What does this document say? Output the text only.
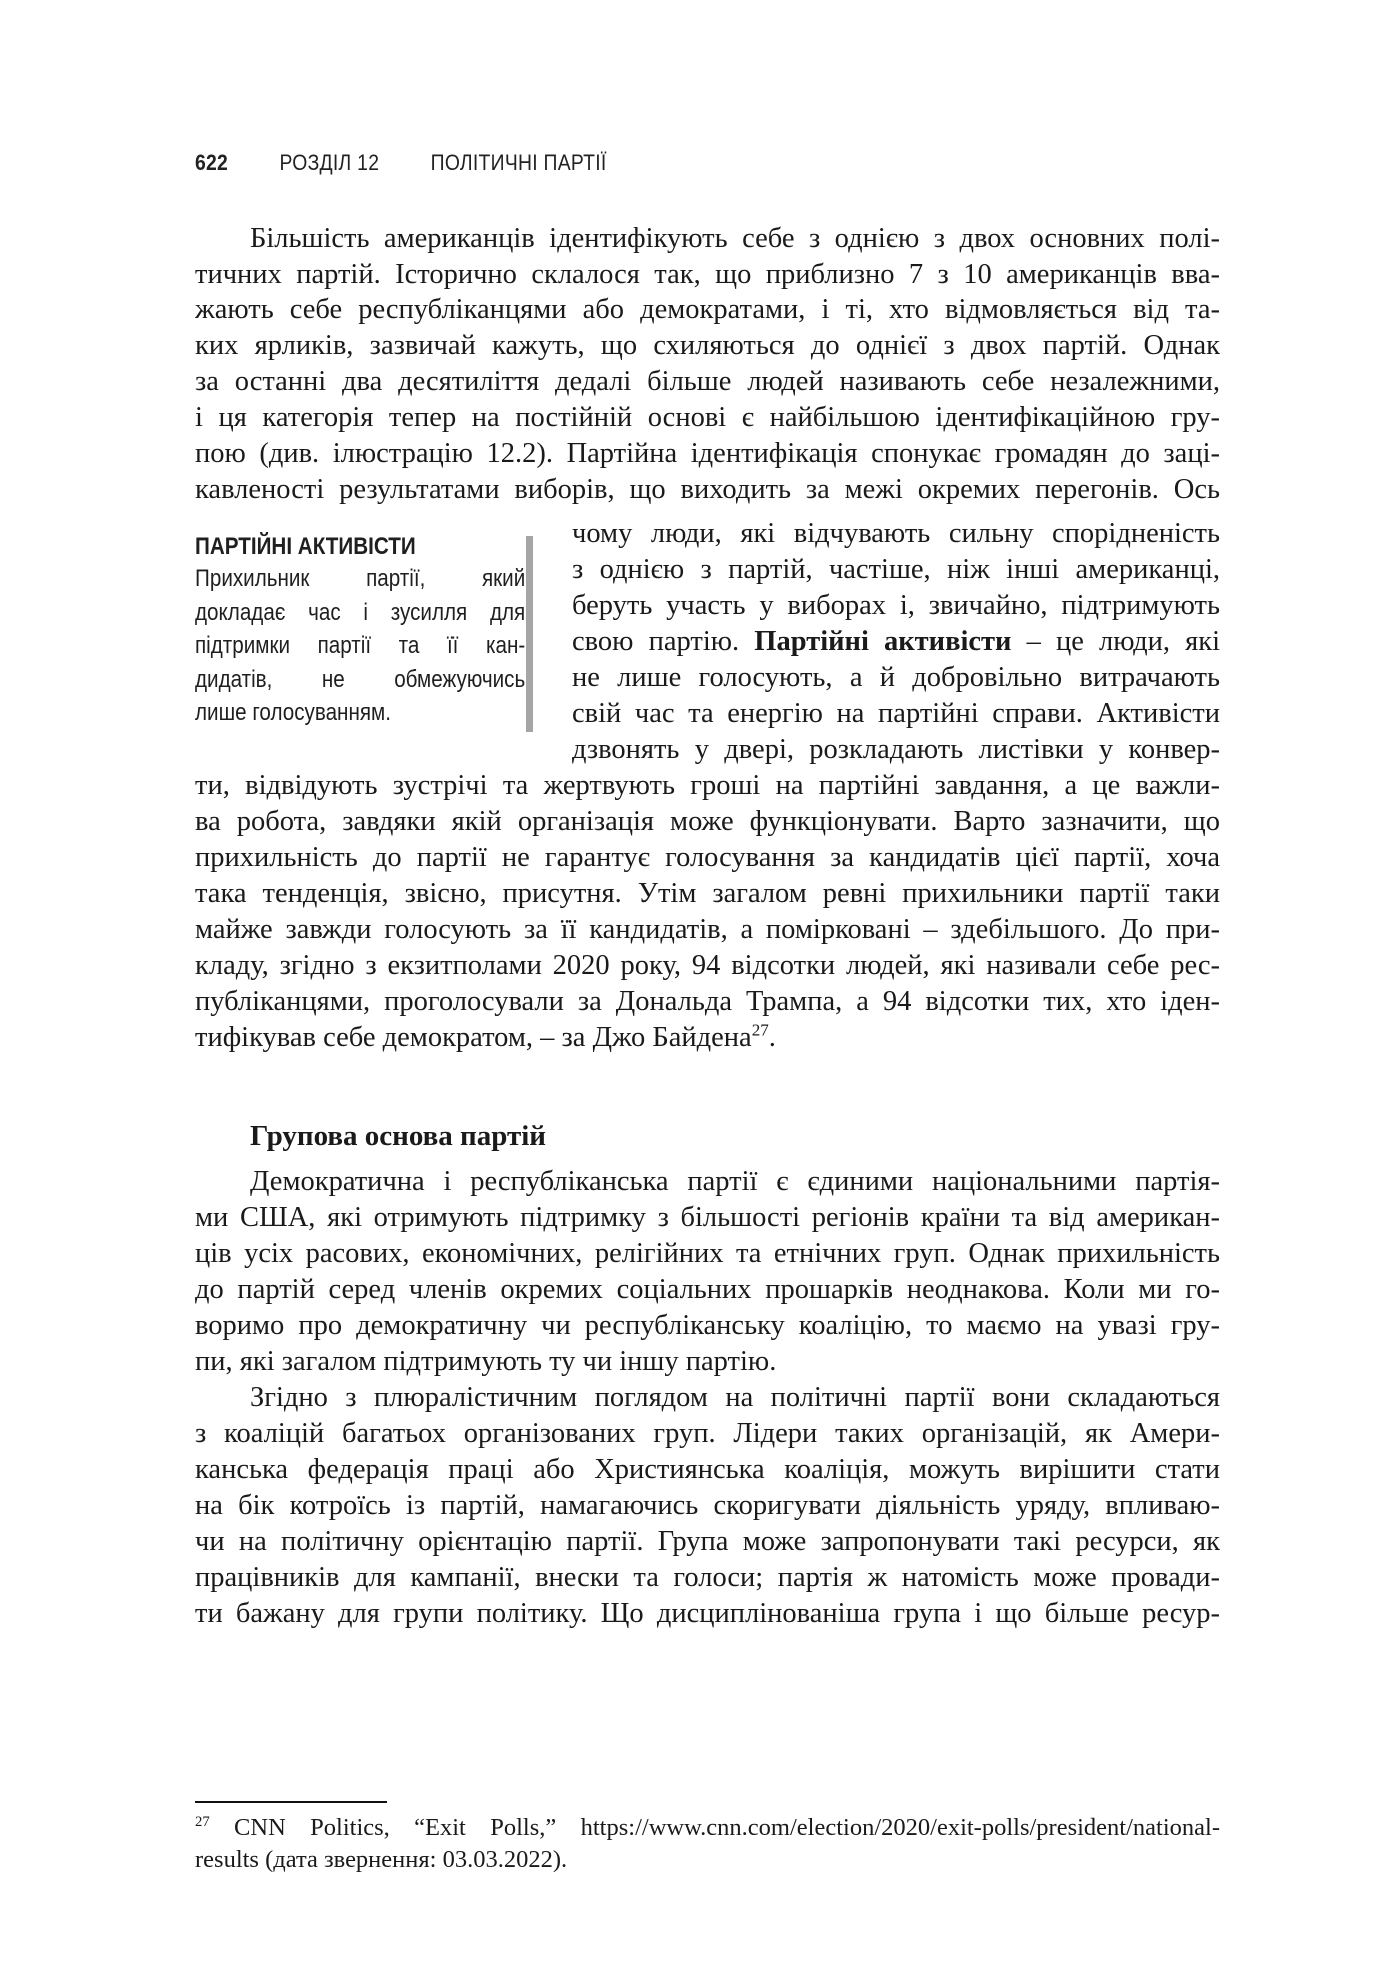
622 РОЗДІЛ 12 ПОЛІТИЧНІ ПАРТІЇ
Більшість американців ідентифікують себе з однією з двох основних полі-
тичних партій. Історично склалося так, що приблизно 7 з 10 американців вва-
жають себе республіканцями або демократами, і ті, хто відмовляється від та-
ких ярликів, зазвичай кажуть, що схиляються до однієї з двох партій. Однак
за останні два десятиліття дедалі більше людей називають себе незалежними,
і ця категорія тепер на постійній основі є найбільшою ідентифікаційною гру-
пою (див. ілюстрацію 12.2). Партійна ідентифікація спонукає громадян до заці-
кавленості результатами виборів, що виходить за межі окремих перегонів. Ось
ПАРТІЙНІ АКТИВІСТИ
Прихильник партії, який
докладає час і зусилля для
підтримки партії та її кан-
дидатів, не обмежуючись
лише голосуванням.
чому люди, які відчувають сильну спорідненість
з однією з партій, частіше, ніж інші американці,
беруть участь у виборах і, звичайно, підтримують
свою партію. Партійні активісти – це люди, які
не лише голосують, а й добровільно витрачають
свій час та енергію на партійні справи. Активісти
дзвонять у двері, розкладають листівки у конвер-
ти, відвідують зустрічі та жертвують гроші на партійні завдання, а це важли-
ва робота, завдяки якій організація може функціонувати. Варто зазначити, що
прихильність до партії не гарантує голосування за кандидатів цієї партії, хоча
така тенденція, звісно, присутня. Утім загалом ревні прихильники партії таки
майже завжди голосують за її кандидатів, а помірковані – здебільшого. До при-
кладу, згідно з екзитполами 2020 року, 94 відсотки людей, які називали себе рес-
публіканцями, проголосували за Дональда Трампа, а 94 відсотки тих, хто іден-
тифікував себе демократом, – за Джо Байдена$^{27}$.
Групова основа партій
Демократична і республіканська партії є єдиними національними партія-
ми США, які отримують підтримку з більшості регіонів країни та від американ-
ців усіх расових, економічних, релігійних та етнічних груп. Однак прихильність
до партій серед членів окремих соціальних прошарків неоднакова. Коли ми го-
воримо про демократичну чи республіканську коаліцію, то маємо на увазі гру-
пи, які загалом підтримують ту чи іншу партію.
Згідно з плюралістичним поглядом на політичні партії вони складаються
з коаліцій багатьох організованих груп. Лідери таких організацій, як Амери-
канська федерація праці або Християнська коаліція, можуть вирішити стати
на бік котроїсь із партій, намагаючись скоригувати діяльність уряду, впливаю-
чи на політичну орієнтацію партії. Група може запропонувати такі ресурси, як
працівників для кампанії, внески та голоси; партія ж натомість може провади-
ти бажану для групи політику. Що дисциплінованіша група і що більше ресур-
$^{27}$ CNN Politics, “Exit Polls,” https://www.cnn.com/election/2020/exit-polls/president/national-
results (дата звернення: 03.03.2022).
